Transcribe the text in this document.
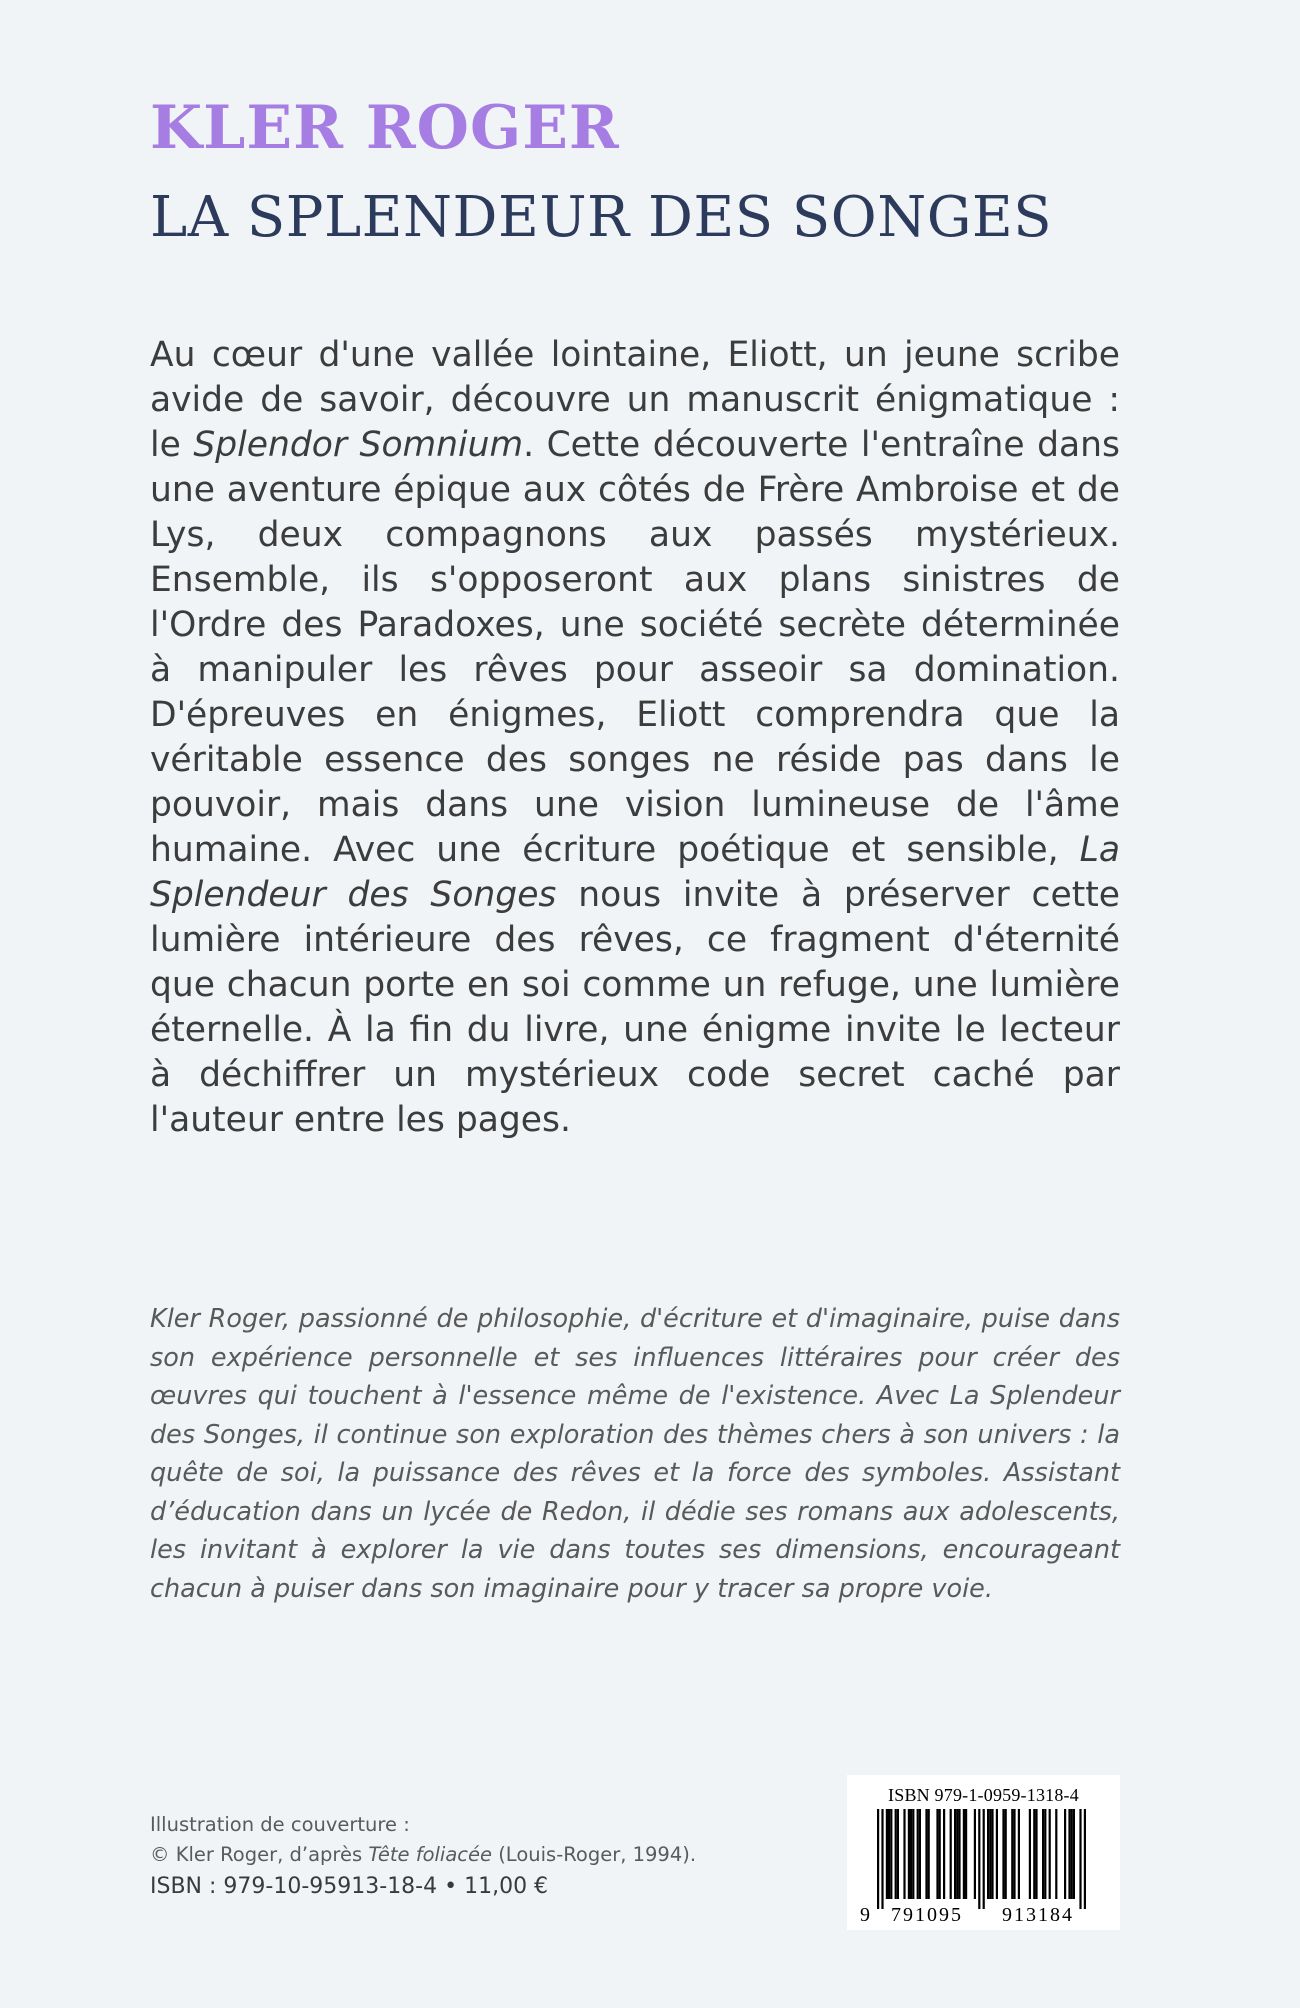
KLER ROGER
LA SPLENDEUR DES SONGES

Au cœur d'une vallée lointaine, Eliott, un jeune scribe avide de savoir, découvre un manuscrit énigmatique : le Splendor Somnium. Cette découverte l'entraîne dans une aventure épique aux côtés de Frère Ambroise et de Lys, deux compagnons aux passés mystérieux. Ensemble, ils s'opposeront aux plans sinistres de l'Ordre des Paradoxes, une société secrète déterminée à manipuler les rêves pour asseoir sa domination. D'épreuves en énigmes, Eliott comprendra que la véritable essence des songes ne réside pas dans le pouvoir, mais dans une vision lumineuse de l'âme humaine. Avec une écriture poétique et sensible, La Splendeur des Songes nous invite à préserver cette lumière intérieure des rêves, ce fragment d'éternité que chacun porte en soi comme un refuge, une lumière éternelle. À la fin du livre, une énigme invite le lecteur à déchiffrer un mystérieux code secret caché par l'auteur entre les pages.

Kler Roger, passionné de philosophie, d'écriture et d'imaginaire, puise dans son expérience personnelle et ses influences littéraires pour créer des œuvres qui touchent à l'essence même de l'existence. Avec La Splendeur des Songes, il continue son exploration des thèmes chers à son univers : la quête de soi, la puissance des rêves et la force des symboles. Assistant d’éducation dans un lycée de Redon, il dédie ses romans aux adolescents, les invitant à explorer la vie dans toutes ses dimensions, encourageant chacun à puiser dans son imaginaire pour y tracer sa propre voie.

Illustration de couverture :
© Kler Roger, d’après Tête foliacée (Louis-Roger, 1994).
ISBN : 979-10-95913-18-4 • 11,00 €
ISBN 979-1-0959-1318-4
9 791095 913184
